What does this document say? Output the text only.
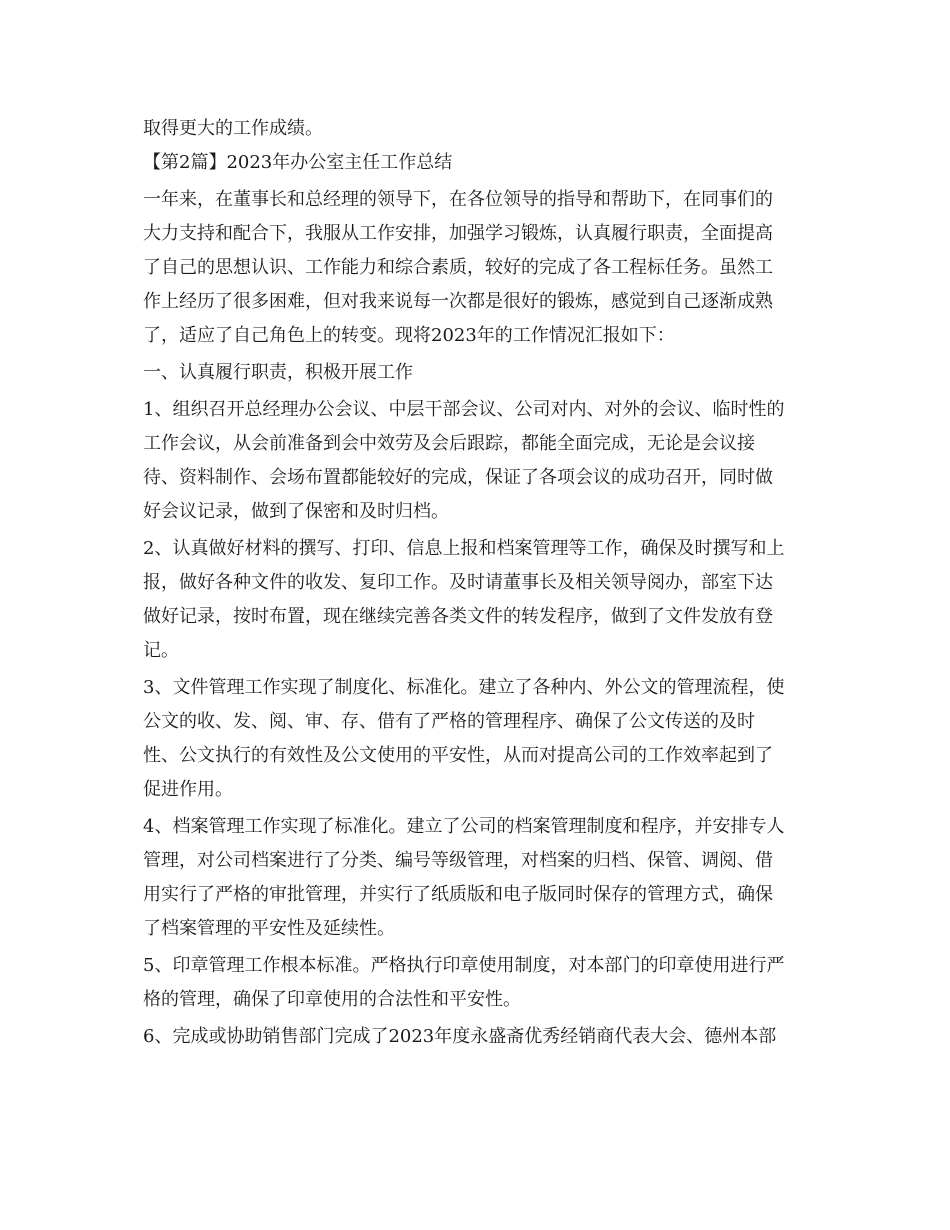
取得更大的工作成绩。
【第2篇】2023年办公室主任工作总结
一年来，在董事长和总经理的领导下，在各位领导的指导和帮助下，在同事们的
大力支持和配合下，我服从工作安排，加强学习锻炼，认真履行职责，全面提高
了自己的思想认识、工作能力和综合素质，较好的完成了各工程标任务。虽然工
作上经历了很多困难，但对我来说每一次都是很好的锻炼，感觉到自己逐渐成熟
了，适应了自己角色上的转变。现将2023年的工作情况汇报如下：
一、认真履行职责，积极开展工作
1、组织召开总经理办公会议、中层干部会议、公司对内、对外的会议、临时性的
工作会议，从会前准备到会中效劳及会后跟踪，都能全面完成，无论是会议接
待、资料制作、会场布置都能较好的完成，保证了各项会议的成功召开，同时做
好会议记录，做到了保密和及时归档。
2、认真做好材料的撰写、打印、信息上报和档案管理等工作，确保及时撰写和上
报，做好各种文件的收发、复印工作。及时请董事长及相关领导阅办，部室下达
做好记录，按时布置，现在继续完善各类文件的转发程序，做到了文件发放有登
记。
3、文件管理工作实现了制度化、标准化。建立了各种内、外公文的管理流程，使
公文的收、发、阅、审、存、借有了严格的管理程序、确保了公文传送的及时
性、公文执行的有效性及公文使用的平安性，从而对提高公司的工作效率起到了
促进作用。
4、档案管理工作实现了标准化。建立了公司的档案管理制度和程序，并安排专人
管理，对公司档案进行了分类、编号等级管理，对档案的归档、保管、调阅、借
用实行了严格的审批管理，并实行了纸质版和电子版同时保存的管理方式，确保
了档案管理的平安性及延续性。
5、印章管理工作根本标准。严格执行印章使用制度，对本部门的印章使用进行严
格的管理，确保了印章使用的合法性和平安性。
6、完成或协助销售部门完成了2023年度永盛斋优秀经销商代表大会、德州本部
